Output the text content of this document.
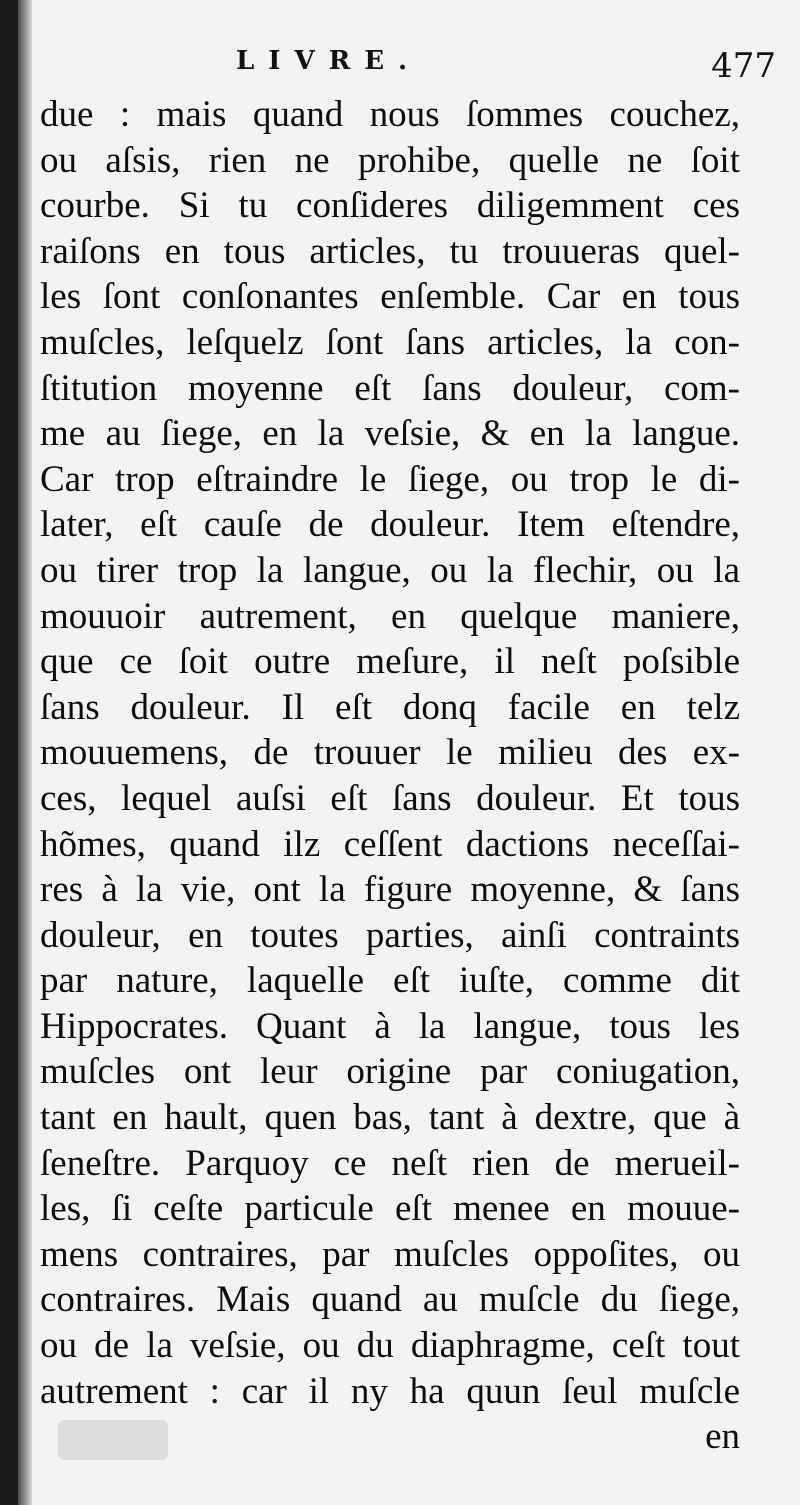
LIVRE.	477
due : mais quand nous ſommes couchez,
ou aſsis, rien ne prohibe, quelle ne ſoit
courbe. Si tu conſideres diligemment ces
raiſons en tous articles, tu trouueras quel-
les ſont conſonantes enſemble. Car en tous
muſcles, leſquelz ſont ſans articles, la con-
ſtitution moyenne eſt ſans douleur, com-
me au ſiege, en la veſsie, & en la langue.
Car trop eſtraindre le ſiege, ou trop le di-
later, eſt cauſe de douleur. Item eſtendre,
ou tirer trop la langue, ou la flechir, ou la
mouuoir autrement, en quelque maniere,
que ce ſoit outre meſure, il neſt poſsible
ſans douleur. Il eſt donq facile en telz
mouuemens, de trouuer le milieu des ex-
ces, lequel auſsi eſt ſans douleur. Et tous
hõmes, quand ilz ceſſent dactions neceſſai-
res à la vie, ont la figure moyenne, & ſans
douleur, en toutes parties, ainſi contraints
par nature, laquelle eſt iuſte, comme dit
Hippocrates. Quant à la langue, tous les
muſcles ont leur origine par coniugation,
tant en hault, quen bas, tant à dextre, que à
ſeneſtre. Parquoy ce neſt rien de merueil-
les, ſi ceſte particule eſt menee en mouue-
mens contraires, par muſcles oppoſites, ou
contraires. Mais quand au muſcle du ſiege,
ou de la veſsie, ou du diaphragme, ceſt tout
autrement : car il ny ha quun ſeul muſcle
en
